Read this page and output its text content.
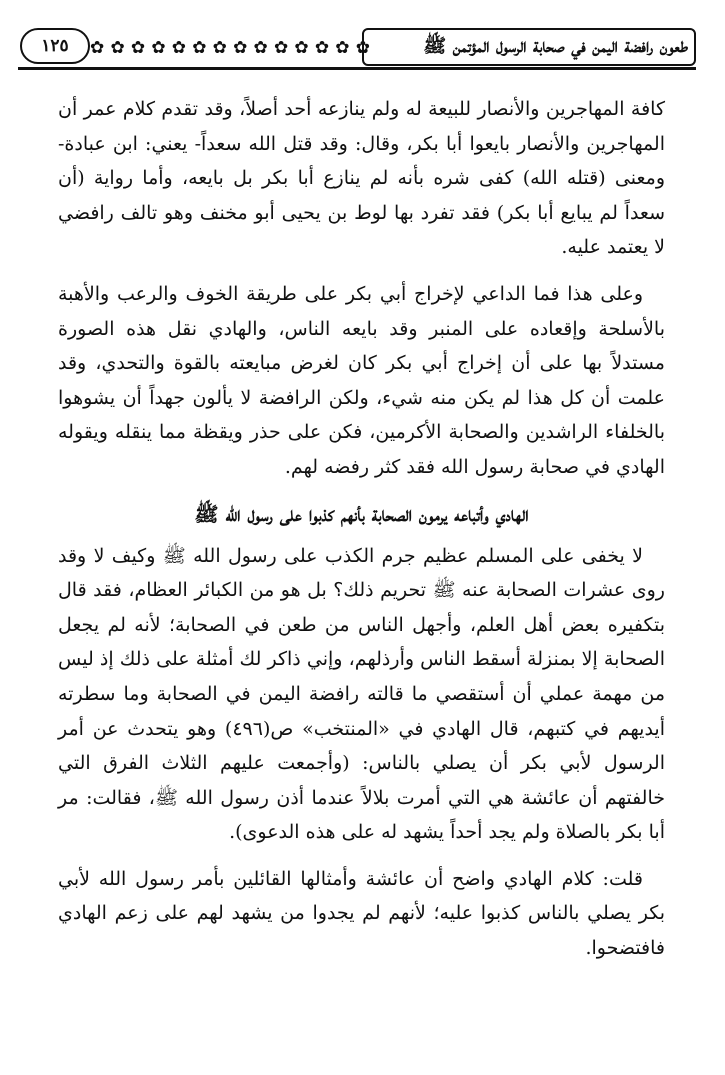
١٢٥ ✿ ✿ ✿ ✿ ✿ ✿ ✿ ✿ ✿ ✿ ✿ ✿ ✿ ✿	طعون رافضة اليمن في صحابة الرسول المؤتمن ﷺ

كافة المهاجرين والأنصار للبيعة له ولم ينازعه أحد أصلاً، وقد تقدم كلام عمر أن المهاجرين والأنصار بايعوا أبا بكر، وقال: وقد قتل الله سعداً- يعني: ابن عبادة- ومعنى (قتله الله) كفى شره بأنه لم ينازع أبا بكر بل بايعه، وأما رواية (أن سعداً لم يبايع أبا بكر) فقد تفرد بها لوط بن يحيى أبو مخنف وهو تالف رافضي لا يعتمد عليه.

وعلى هذا فما الداعي لإخراج أبي بكر على طريقة الخوف والرعب والأهبة بالأسلحة وإقعاده على المنبر وقد بايعه الناس، والهادي نقل هذه الصورة مستدلاً بها على أن إخراج أبي بكر كان لغرض مبايعته بالقوة والتحدي، وقد علمت أن كل هذا لم يكن منه شيء، ولكن الرافضة لا يألون جهداً أن يشوهوا بالخلفاء الراشدين والصحابة الأكرمين، فكن على حذر ويقظة مما ينقله ويقوله الهادي في صحابة رسول الله فقد كثر رفضه لهم.

الهادي وأتباعه يرمون الصحابة بأنهم كذبوا على رسول الله ﷺ

لا يخفى على المسلم عظيم جرم الكذب على رسول الله ﷺ وكيف لا وقد روى عشرات الصحابة عنه ﷺ تحريم ذلك؟ بل هو من الكبائر العظام، فقد قال بتكفيره بعض أهل العلم، وأجهل الناس من طعن في الصحابة؛ لأنه لم يجعل الصحابة إلا بمنزلة أسقط الناس وأرذلهم، وإني ذاكر لك أمثلة على ذلك إذ ليس من مهمة عملي أن أستقصي ما قالته رافضة اليمن في الصحابة وما سطرته أيديهم في كتبهم، قال الهادي في «المنتخب» ص(٤٩٦) وهو يتحدث عن أمر الرسول لأبي بكر أن يصلي بالناس: (وأجمعت عليهم الثلاث الفرق التي خالفتهم أن عائشة هي التي أمرت بلالاً عندما أذن رسول الله ﷺ، فقالت: مر أبا بكر بالصلاة ولم يجد أحداً يشهد له على هذه الدعوى).

قلت: كلام الهادي واضح أن عائشة وأمثالها القائلين بأمر رسول الله لأبي بكر يصلي بالناس كذبوا عليه؛ لأنهم لم يجدوا من يشهد لهم على زعم الهادي فافتضحوا.
